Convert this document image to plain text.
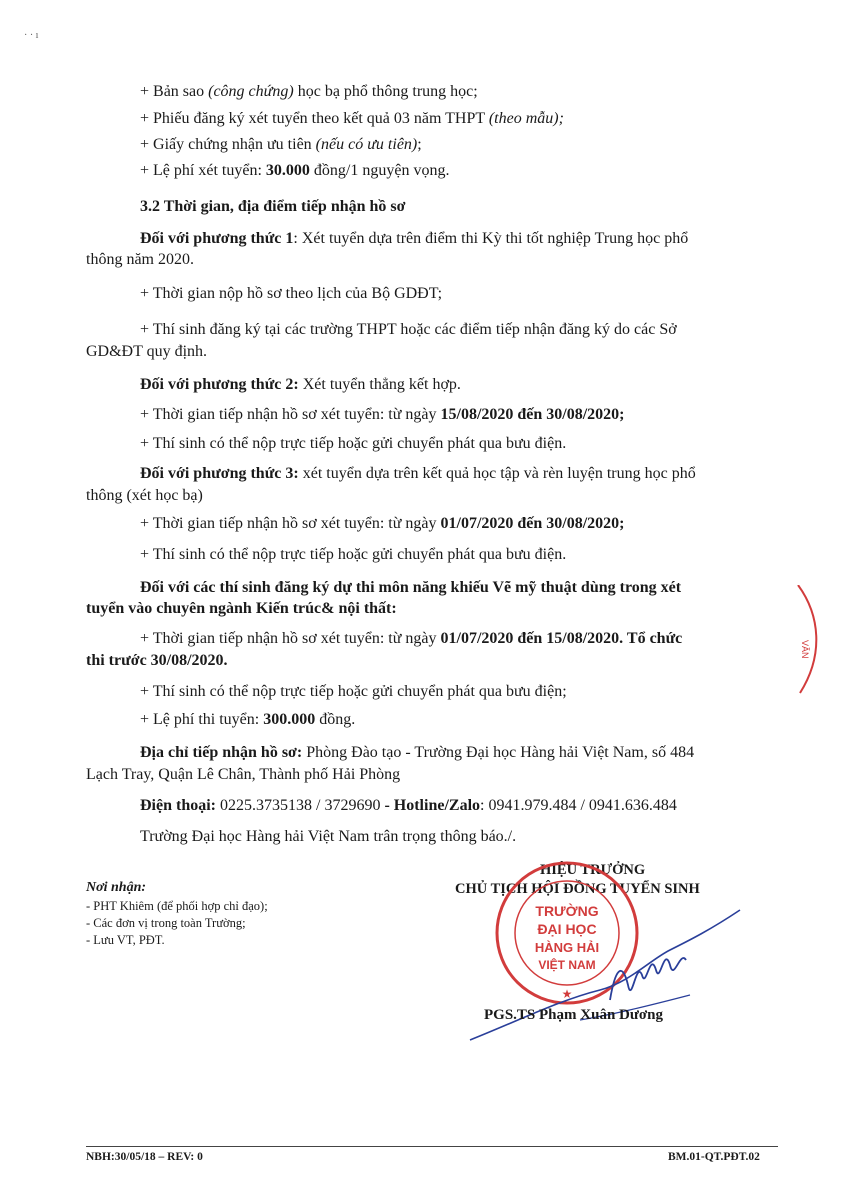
· · ı
+ Bản sao (công chứng) học bạ phổ thông trung học;
+ Phiếu đăng ký xét tuyển theo kết quả 03 năm THPT (theo mẫu);
+ Giấy chứng nhận ưu tiên (nếu có ưu tiên);
+ Lệ phí xét tuyển: 30.000 đồng/1 nguyện vọng.
3.2 Thời gian, địa điểm tiếp nhận hồ sơ
Đối với phương thức 1: Xét tuyển dựa trên điểm thi Kỳ thi tốt nghiệp Trung học phổ
thông năm 2020.
+ Thời gian nộp hồ sơ theo lịch của Bộ GDĐT;
+ Thí sinh đăng ký tại các trường THPT hoặc các điểm tiếp nhận đăng ký do các Sở
GD&ĐT quy định.
Đối với phương thức 2: Xét tuyển thẳng kết hợp.
+ Thời gian tiếp nhận hồ sơ xét tuyển: từ ngày 15/08/2020 đến 30/08/2020;
+ Thí sinh có thể nộp trực tiếp hoặc gửi chuyển phát qua bưu điện.
Đối với phương thức 3: xét tuyển dựa trên kết quả học tập và rèn luyện trung học phổ
thông (xét học bạ)
+ Thời gian tiếp nhận hồ sơ xét tuyển: từ ngày 01/07/2020 đến 30/08/2020;
+ Thí sinh có thể nộp trực tiếp hoặc gửi chuyển phát qua bưu điện.
Đối với các thí sinh đăng ký dự thi môn năng khiếu Vẽ mỹ thuật dùng trong xét
tuyển vào chuyên ngành Kiến trúc& nội thất:
+ Thời gian tiếp nhận hồ sơ xét tuyển: từ ngày 01/07/2020 đến 15/08/2020. Tổ chức
thi trước 30/08/2020.
+ Thí sinh có thể nộp trực tiếp hoặc gửi chuyển phát qua bưu điện;
+ Lệ phí thi tuyển: 300.000 đồng.
Địa chỉ tiếp nhận hồ sơ: Phòng Đào tạo - Trường Đại học Hàng hải Việt Nam, số 484
Lạch Tray, Quận Lê Chân, Thành phố Hải Phòng
Điện thoại: 0225.3735138 / 3729690 - Hotline/Zalo: 0941.979.484 / 0941.636.484
Trường Đại học Hàng hải Việt Nam trân trọng thông báo./.
Nơi nhận:
- PHT Khiêm (để phối hợp chỉ đạo);
- Các đơn vị trong toàn Trường;
- Lưu VT, PĐT.
HIỆU TRƯỞNG
CHỦ TỊCH HỘI ĐỒNG TUYỂN SINH
TRƯỜNG
ĐẠI HỌC
HÀNG HẢI
VIỆT NAM
★
PGS.TS Phạm Xuân Dương
VĂN
NBH:30/05/18 – REV: 0	BM.01-QT.PĐT.02
